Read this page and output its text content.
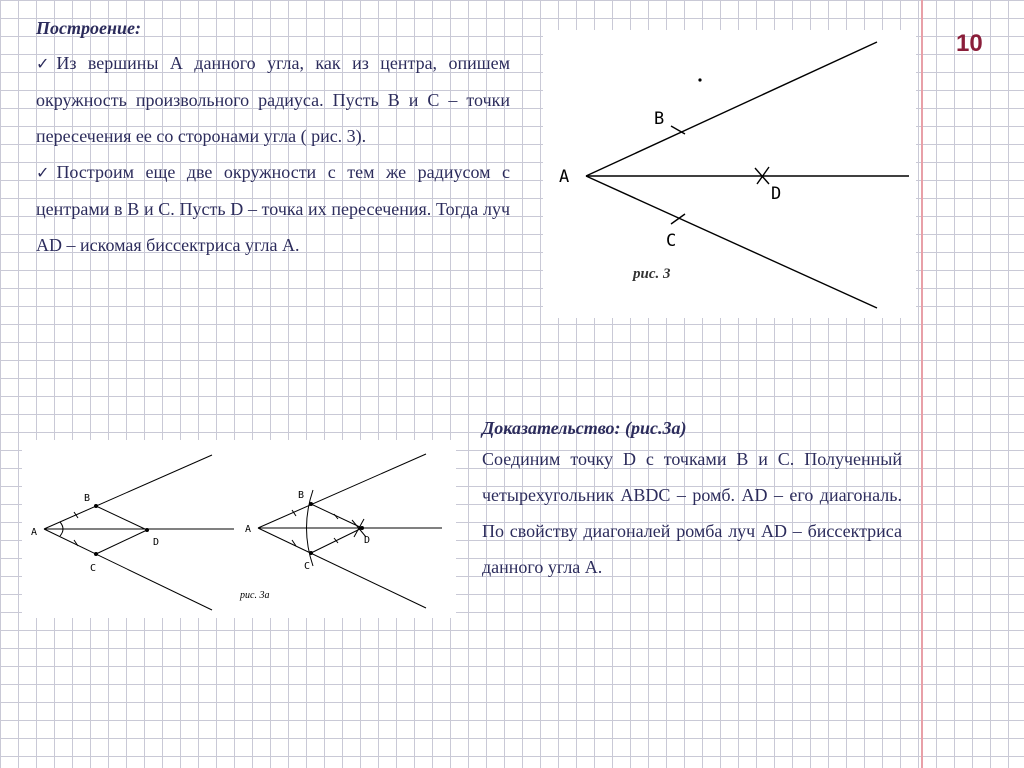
10

Построение:

✓Из вершины А данного угла, как из центра, опишем окружность произвольного радиуса. Пусть В и С – точки пересечения ее со сторонами угла ( рис. 3).

✓Построим еще две окружности с тем же радиусом с центрами в В и С. Пусть D – точка их пересечения. Тогда луч АD – искомая биссектриса угла А.

A
B
C
D
рис. 3
A
B
C
D
A
B
C
D
рис. 3а

Доказательство: (рис.3а)

Соединим точку D с точками В и С. Полученный четырехугольник АВDC – ромб. АD – его диагональ. По свойству диагоналей ромба луч АD – биссектриса данного угла А.
